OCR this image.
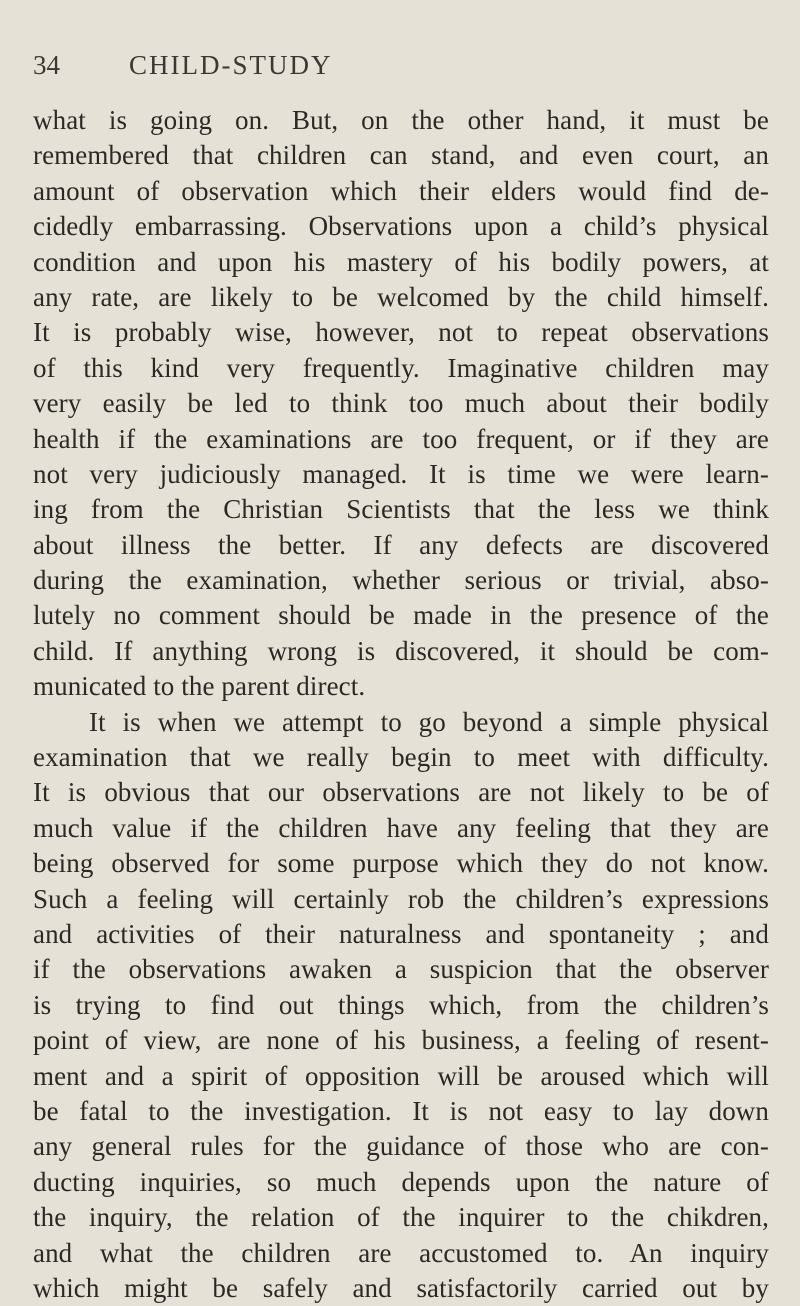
34	CHILD-STUDY
what is going on. But, on the other hand, it must be
remembered that children can stand, and even court, an
amount of observation which their elders would find de-
cidedly embarrassing. Observations upon a child’s physical
condition and upon his mastery of his bodily powers, at
any rate, are likely to be welcomed by the child himself.
It is probably wise, however, not to repeat observations
of this kind very frequently. Imaginative children may
very easily be led to think too much about their bodily
health if the examinations are too frequent, or if they are
not very judiciously managed. It is time we were learn-
ing from the Christian Scientists that the less we think
about illness the better. If any defects are discovered
during the examination, whether serious or trivial, abso-
lutely no comment should be made in the presence of the
child. If anything wrong is discovered, it should be com-
municated to the parent direct.
It is when we attempt to go beyond a simple physical
examination that we really begin to meet with difficulty.
It is obvious that our observations are not likely to be of
much value if the children have any feeling that they are
being observed for some purpose which they do not know.
Such a feeling will certainly rob the children’s expressions
and activities of their naturalness and spontaneity ; and
if the observations awaken a suspicion that the observer
is trying to find out things which, from the children’s
point of view, are none of his business, a feeling of resent-
ment and a spirit of opposition will be aroused which will
be fatal to the investigation. It is not easy to lay down
any general rules for the guidance of those who are con-
ducting inquiries, so much depends upon the nature of
the inquiry, the relation of the inquirer to the chikdren,
and what the children are accustomed to. An inquiry
which might be safely and satisfactorily carried out by
